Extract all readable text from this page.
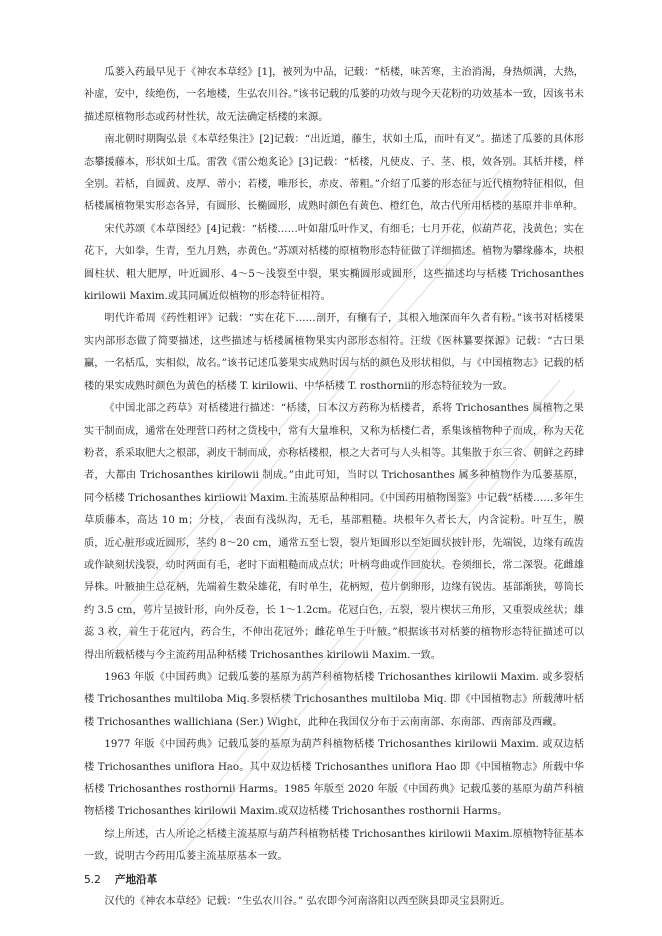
瓜蒌入药最早见于《神农本草经》[1]，被列为中品，记载：“栝楼，味苦寒，主治消渴，身热烦满，大热，补虚，安中，续绝伤，一名地楼，生弘农川谷。”该书记载的瓜蒌的功效与现今天花粉的功效基本一致，因该书未描述原植物形态或药材性状，故无法确定栝楼的来源。

南北朝时期陶弘景《本草经集注》[2]记载：“出近道，藤生，状如土瓜，而叶有叉”。描述了瓜蒌的具体形态攀援藤本，形状如土瓜。雷敩《雷公炮炙论》[3]记载：“栝楼，凡使皮、子、茎、根，效各别。其栝并楼，样全别。若栝，自圆黄、皮厚、蒂小；若楼，唯形长，赤皮、蒂粗。”介绍了瓜蒌的形态征与近代植物特征相似，但栝楼属植物果实形态各异，有圆形、长椭圆形，成熟时颜色有黄色、橙红色，故古代所用栝楼的基原并非单种。

宋代苏颂《本草图经》[4]记载：“栝楼……叶如甜瓜叶作叉，有细毛；七月开花，似葫芦花，浅黄色；实在花下，大如拳，生青，至九月熟，赤黄色。”苏颂对栝楼的原植物形态特征做了详细描述。植物为攀缘藤本，块根圆柱状、粗大肥厚，叶近圆形、4～5～浅裂至中裂，果实椭圆形或圆形，这些描述均与栝楼 Trichosanthes kirilowii Maxim.或其同属近似植物的形态特征相符。

明代许希周《药性粗评》记载：“实在花下……剖开，有穰有子，其根入地深而年久者有粉。”该书对栝楼果实内部形态做了简要描述，这些描述与栝楼属植物果实内部形态相符。汪绂《医林纂要探源》记载：“古曰果臝，一名栝瓜，实相似，故名。”该书记述瓜蒌果实成熟时因与栝的颜色及形状相似，与《中国植物志》记载的栝楼的果实成熟时颜色为黄色的栝楼 T. kirilowii、中华栝楼 T. rosthornii的形态特征较为一致。

《中国北部之药草》对栝楼进行描述：“栝楼，日本汉方药称为栝楼者，系将 Trichosanthes 属植物之果实干制而成，通常在处理营口药材之货栈中，常有大量堆积，又称为栝楼仁者，系集该植物种子而成，称为天花粉者，系采取肥大之根部，剥皮干制而成，亦称栝楼根，根之大者可与人头相等。其集散于东三省、朝鲜之药肆者，大都由 Trichosanthes kirilowii 制成。”由此可知，当时以 Trichosanthes 属多种植物作为瓜蒌基原，同今栝楼 Trichosanthes kirilowii Maxim.主流基原品种相同。《中国药用植物图鉴》中记载“栝楼……多年生草质藤本，高达 10 m；分枝， 表面有浅纵沟，无毛，基部粗糙。块根年久者长大，内含淀粉。叶互生，膜质，近心脏形或近圆形，茎约 8～20 cm，通常五至七裂，裂片矩圆形以至矩圆状披针形，先端锐，边缘有疏齿或作缺刻状浅裂，幼时两面有毛，老时下面粗糙而成点状；叶柄弯曲或作回旋状。卷须细长，常二深裂。花雌雄异株。叶腋抽生总花柄，先端着生数朵雄花，有时单生，花柄短，苞片倒卵形，边缘有锐齿。基部渐狭，萼筒长约 3.5 cm，萼片呈披针形，向外反卷，长 1～1.2cm。花冠白色，五裂，裂片楔状三角形，又重裂成丝状；雄蕊 3 枚，着生于花冠内，药合生，不伸出花冠外；雌花单生于叶腋。”根据该书对栝蒌的植物形态特征描述可以得出所载栝楼与今主流药用品种栝楼 Trichosanthes kirilowii Maxim.一致。

1963 年版《中国药典》记载瓜蒌的基原为葫芦科植物栝楼 Trichosanthes kirilowii Maxim. 或多裂栝楼 Trichosanthes multiloba Miq.多裂栝楼 Trichosanthes multiloba Miq. 即《中国植物志》所载薄叶栝楼 Trichosanthes wallichiana (Ser.) Wight，此种在我国仅分布于云南南部、东南部、西南部及西藏。

1977 年版《中国药典》记载瓜蒌的基原为葫芦科植物栝楼 Trichosanthes kirilowii Maxim. 或双边栝楼 Trichosanthes uniflora Hao。其中双边栝楼 Trichosanthes uniflora Hao 即《中国植物志》所载中华栝楼 Trichosanthes rosthornii Harms。1985 年版至 2020 年版《中国药典》记载瓜蒌的基原为葫芦科植物栝楼 Trichosanthes kirilowii Maxim.或双边栝楼 Trichosanthes rosthornii Harms。

综上所述，古人所论之栝楼主流基原与葫芦科植物栝楼 Trichosanthes kirilowii Maxim.原植物特征基本一致，说明古今药用瓜蒌主流基原基本一致。

5.2 产地沿革

汉代的《神农本草经》记载：“生弘农川谷。” 弘农即今河南洛阳以西至陕县即灵宝县附近。
